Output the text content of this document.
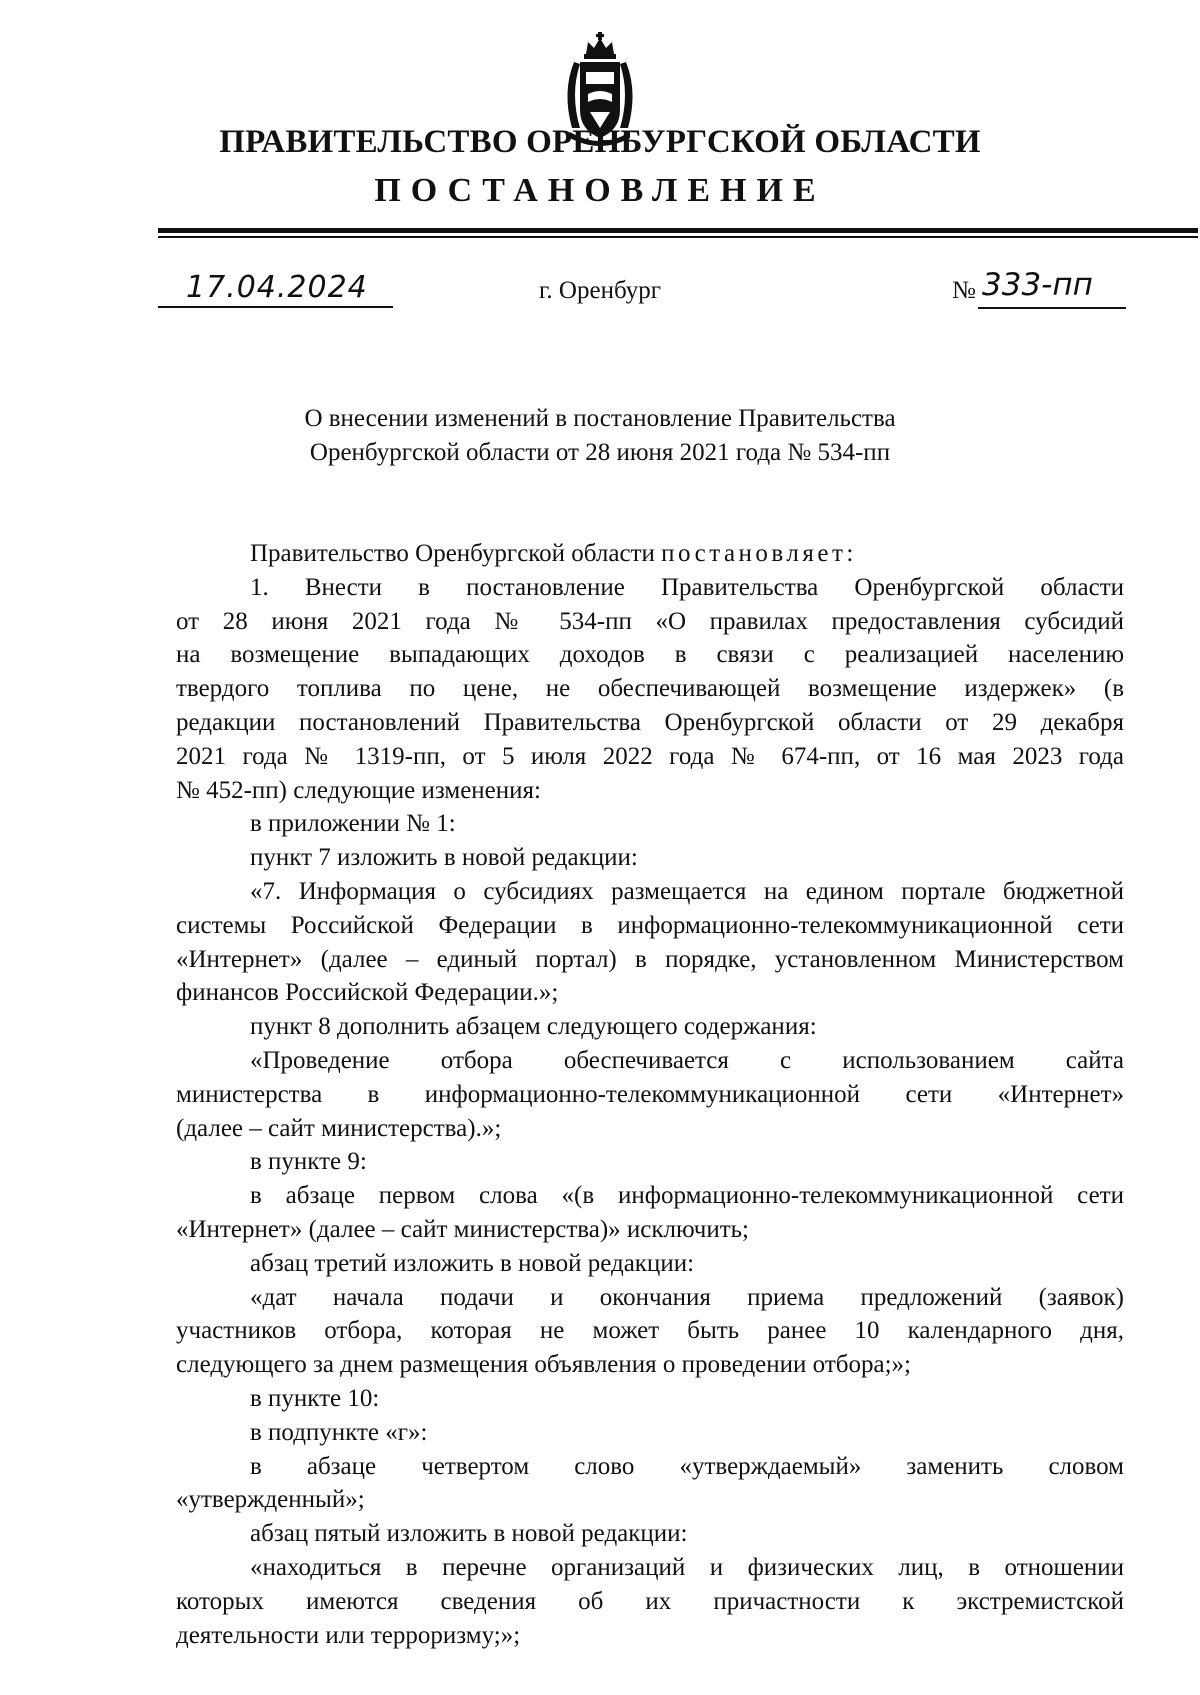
ПРАВИТЕЛЬСТВО ОРЕНБУРГСКОЙ ОБЛАСТИ
ПОСТАНОВЛЕНИЕ
17.04.2024	г. Оренбург	№ 333-пп
О внесении изменений в постановление Правительства
Оренбургской области от 28 июня 2021 года № 534-пп

Правительство Оренбургской области постановляет:

1. Внести в постановление Правительства Оренбургской области

от 28 июня 2021 года № 534-пп «О правилах предоставления субсидий

на возмещение выпадающих доходов в связи с реализацией населению

твердого топлива по цене, не обеспечивающей возмещение издержек» (в

редакции постановлений Правительства Оренбургской области от 29 декабря

2021 года № 1319-пп, от 5 июля 2022 года № 674-пп, от 16 мая 2023 года

№ 452-пп) следующие изменения:

в приложении № 1:

пункт 7 изложить в новой редакции:

«7. Информация о субсидиях размещается на едином портале бюджетной

системы Российской Федерации в информационно-телекоммуникационной сети

«Интернет» (далее – единый портал) в порядке, установленном Министерством

финансов Российской Федерации.»;

пункт 8 дополнить абзацем следующего содержания:

«Проведение отбора обеспечивается с использованием сайта

министерства в информационно-телекоммуникационной сети «Интернет»

(далее – сайт министерства).»;

в пункте 9:

в абзаце первом слова «(в информационно-телекоммуникационной сети

«Интернет» (далее – сайт министерства)» исключить;

абзац третий изложить в новой редакции:

«дат начала подачи и окончания приема предложений (заявок)

участников отбора, которая не может быть ранее 10 календарного дня,

следующего за днем размещения объявления о проведении отбора;»;

в пункте 10:

в подпункте «г»:

в абзаце четвертом слово «утверждаемый» заменить словом

«утвержденный»;

абзац пятый изложить в новой редакции:

«находиться в перечне организаций и физических лиц, в отношении

которых имеются сведения об их причастности к экстремистской

деятельности или терроризму;»;
